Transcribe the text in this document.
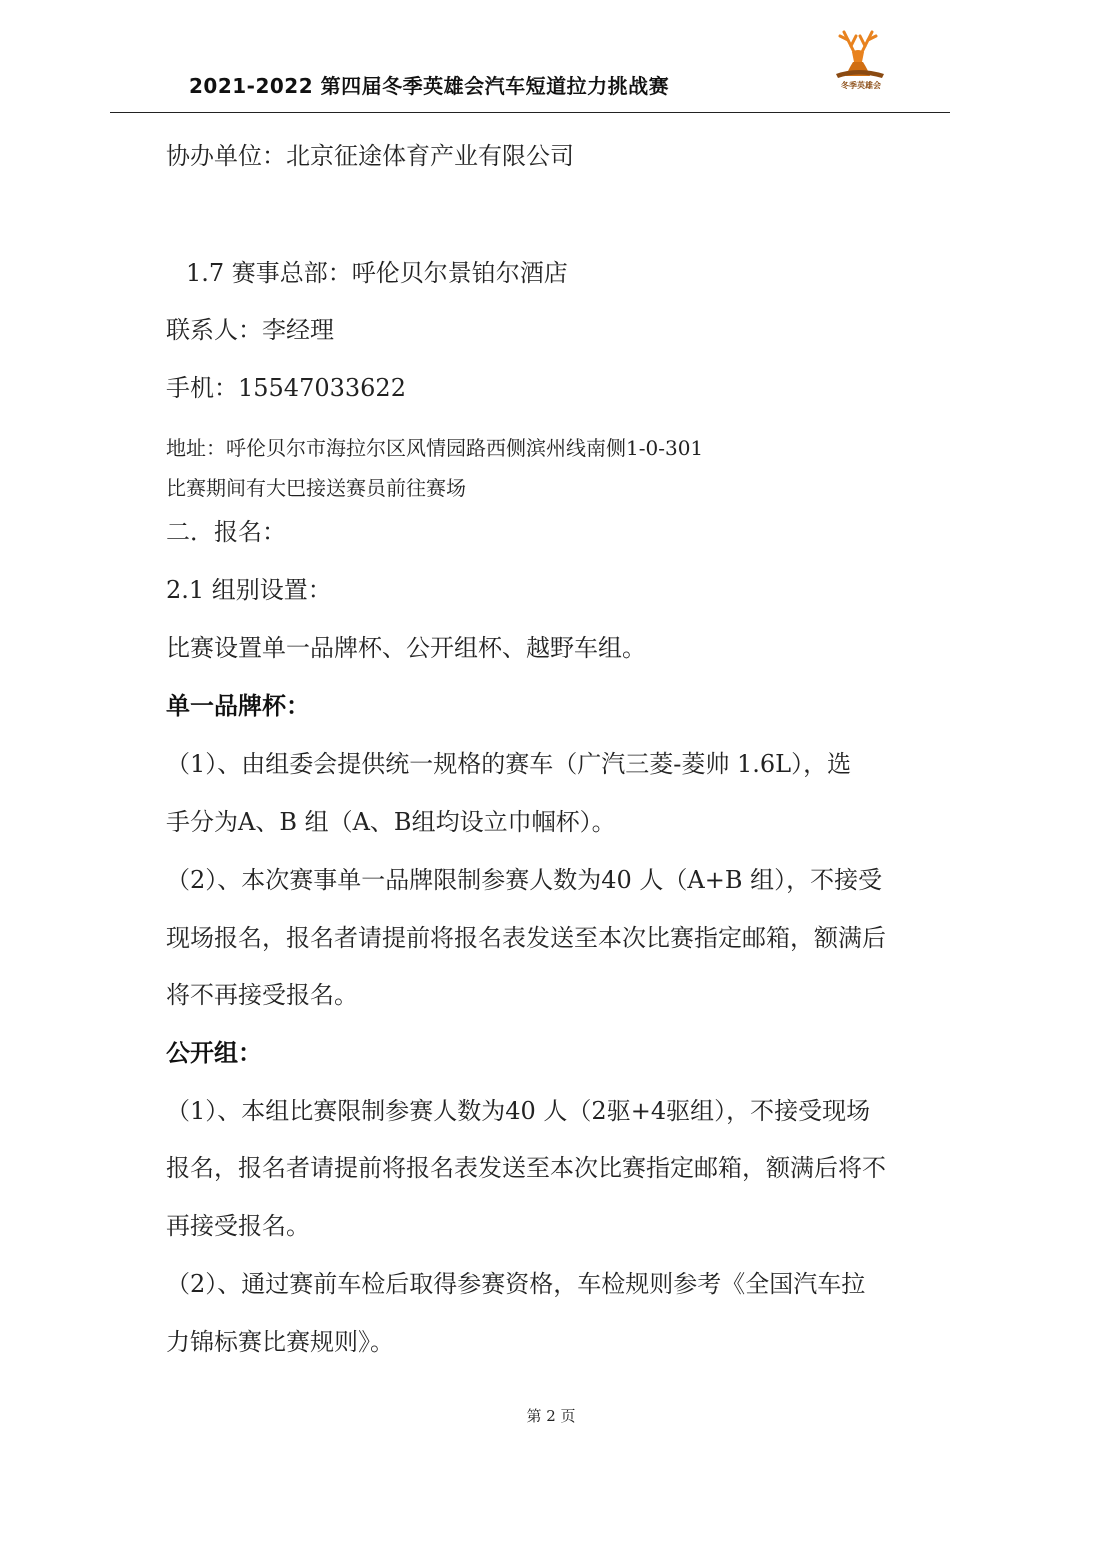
2021-2022 第四届冬季英雄会汽车短道拉力挑战赛	冬季英雄会
协办单位：北京征途体育产业有限公司
1.7 赛事总部：呼伦贝尔景铂尔酒店
联系人：李经理
手机：15547033622
地址：呼伦贝尔市海拉尔区风情园路西侧滨州线南侧1-0-301
比赛期间有大巴接送赛员前往赛场
二．报名：
2.1 组别设置：
比赛设置单一品牌杯、公开组杯、越野车组。
单一品牌杯：
（1）、由组委会提供统一规格的赛车（广汽三菱-菱帅 1.6L），选
手分为A、B 组（A、B组均设立巾帼杯）。
（2）、本次赛事单一品牌限制参赛人数为40 人（A+B 组），不接受
现场报名，报名者请提前将报名表发送至本次比赛指定邮箱，额满后
将不再接受报名。
公开组：
（1）、本组比赛限制参赛人数为40 人（2驱+4驱组），不接受现场
报名，报名者请提前将报名表发送至本次比赛指定邮箱，额满后将不
再接受报名。
（2）、通过赛前车检后取得参赛资格，车检规则参考《全国汽车拉
力锦标赛比赛规则》。
第 2 页
